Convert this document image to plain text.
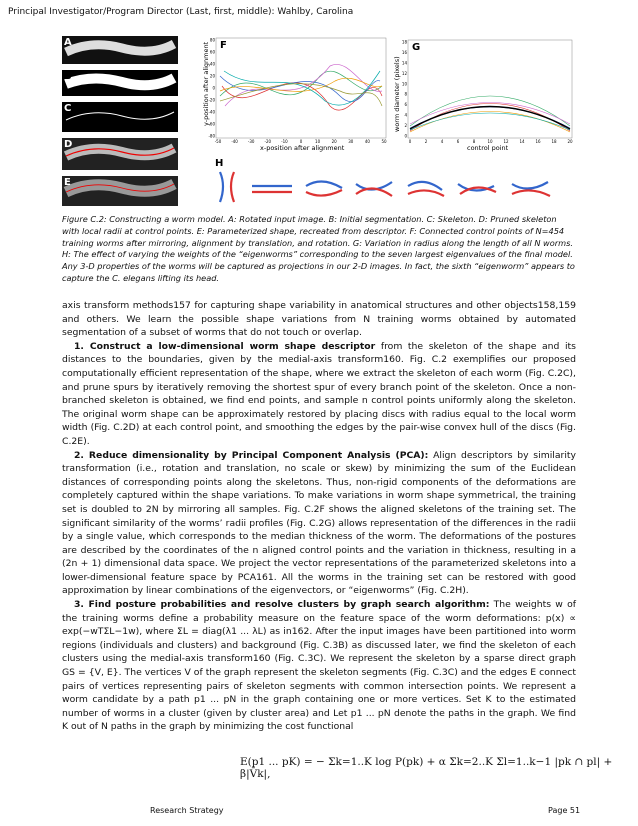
Principal Investigator/Program Director (Last, first, middle): Wahlby, Carolina
A
B
C
D
E
F
y-position after alignment
x-position after alignment
-50	-40	-30	-20	-10	0	10	20	30	40	50
80
60
40
20
0
-20
-40
-60
-80
G
worm diameter (pixels)
control point
0	2	4	6	8	10	12	14	16	18	20
18
16
14
12
10
8
6
4
2
0
H
Figure C.2: Constructing a worm model. A: Rotated input image. B: Initial segmentation. C: Skeleton. D: Pruned skeleton with local radii at control points. E: Parameterized shape, recreated from descriptor. F: Connected control points of N=454 training worms after mirroring, alignment by translation, and rotation. G: Variation in radius along the length of all N worms. H: The effect of varying the weights of the “eigenworms” corresponding to the seven largest eigenvalues of the final model. Any 3-D properties of the worms will be captured as projections in our 2-D images. In fact, the sixth “eigenworm” appears to capture the C. elegans lifting its head.

axis transform methods157 for capturing shape variability in anatomical structures and other objects158,159 and others. We learn the possible shape variations from N training worms obtained by automated segmentation of a subset of worms that do not touch or overlap.

1. Construct a low-dimensional worm shape descriptor from the skeleton of the shape and its distances to the boundaries, given by the medial-axis transform160. Fig. C.2 exemplifies our proposed computationally efficient representation of the shape, where we extract the skeleton of each worm (Fig. C.2C), and prune spurs by iteratively removing the shortest spur of every branch point of the skeleton. Once a non-branched skeleton is obtained, we find end points, and sample n control points uniformly along the skeleton. The original worm shape can be approximately restored by placing discs with radius equal to the local worm width (Fig. C.2D) at each control point, and smoothing the edges by the pair-wise convex hull of the discs (Fig. C.2E).

2. Reduce dimensionality by Principal Component Analysis (PCA): Align descriptors by similarity transformation (i.e., rotation and translation, no scale or skew) by minimizing the sum of the Euclidean distances of corresponding points along the skeletons. Thus, non-rigid components of the deformations are completely captured within the shape variations. To make variations in worm shape symmetrical, the training set is doubled to 2N by mirroring all samples. Fig. C.2F shows the aligned skeletons of the training set. The significant similarity of the worms’ radii profiles (Fig. C.2G) allows representation of the differences in the radii by a single value, which corresponds to the median thickness of the worm. The deformations of the postures are described by the coordinates of the n aligned control points and the variation in thickness, resulting in a (2n + 1) dimensional data space. We project the vector representations of the parameterized skeletons into a lower-dimensional feature space by PCA161. All the worms in the training set can be restored with good approximation by linear combinations of the eigenvectors, or “eigenworms” (Fig. C.2H).

3. Find posture probabilities and resolve clusters by graph search algorithm: The weights w of the training worms define a probability measure on the feature space of the worm deformations: p(x) ∝ exp(−wTΣL−1w), where ΣL = diag(λ1 ... λL) as in162. After the input images have been partitioned into worm regions (individuals and clusters) and background (Fig. C.3B) as discussed later, we find the skeleton of each clusters using the medial-axis transform160 (Fig. C.3C). We represent the skeleton by a sparse direct graph GS = {V, E}. The vertices V of the graph represent the skeleton segments (Fig. C.3C) and the edges E connect pairs of vertices representing pairs of skeleton segments with common intersection points. We represent a worm candidate by a path p1 ... pN in the graph containing one or more vertices. Set K to the estimated number of worms in a cluster (given by cluster area) and Let p1 ... pN denote the paths in the graph. We find K out of N paths in the graph by minimizing the cost functional

E(p1 ... pK) = − Σk=1..K log P(pk) + α Σk=2..K Σl=1..k−1 |pk ∩ pl| + β|V̄k|,
Research Strategy	Page 51
